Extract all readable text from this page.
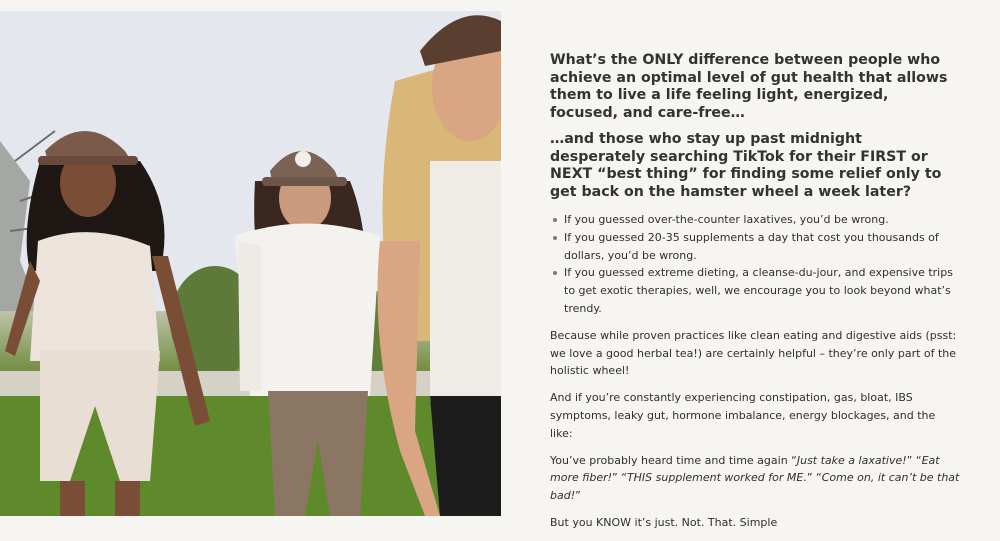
What’s the ONLY difference between people who achieve an optimal level of gut health that allows them to live a life feeling light, energized, focused, and care-free…

…and those who stay up past midnight desperately searching TikTok for their FIRST or NEXT “best thing” for finding some relief only to get back on the hamster wheel a week later?

If you guessed over-the-counter laxatives, you’d be wrong.
If you guessed 20-35 supplements a day that cost you thousands of dollars, you’d be wrong.
If you guessed extreme dieting, a cleanse-du-jour, and expensive trips to get exotic therapies, well, we encourage you to look beyond what’s trendy.

Because while proven practices like clean eating and digestive aids (psst: we love a good herbal tea!) are certainly helpful – they’re only part of the holistic wheel!

And if you’re constantly experiencing constipation, gas, bloat, IBS symptoms, leaky gut, hormone imbalance, energy blockages, and the like:

You’ve probably heard time and time again “Just take a laxative!” “Eat more fiber!” “THIS supplement worked for ME.” “Come on, it can’t be that bad!”

But you KNOW it’s just. Not. That. Simple
